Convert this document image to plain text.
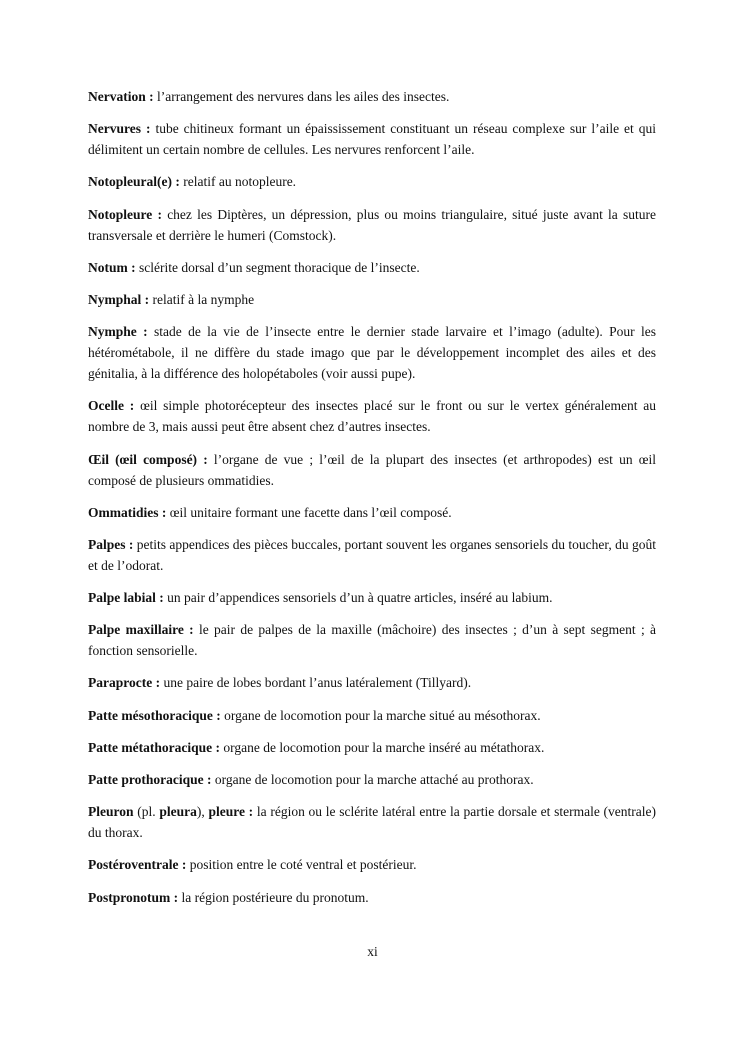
Nervation : l’arrangement des nervures dans les ailes des insectes.

Nervures : tube chitineux formant un épaississement constituant un réseau complexe sur l’aile et qui délimitent un certain nombre de cellules. Les nervures renforcent l’aile.

Notopleural(e) : relatif au notopleure.

Notopleure : chez les Diptères, un dépression, plus ou moins triangulaire, situé juste avant la suture transversale et derrière le humeri (Comstock).

Notum : sclérite dorsal d’un segment thoracique de l’insecte.

Nymphal : relatif à la nymphe

Nymphe : stade de la vie de l’insecte entre le dernier stade larvaire et l’imago (adulte). Pour les hétérométabole, il ne diffère du stade imago que par le développement incomplet des ailes et des génitalia, à la différence des holopétaboles (voir aussi pupe).

Ocelle : œil simple photorécepteur des insectes placé sur le front ou sur le vertex généralement au nombre de 3, mais aussi peut être absent chez d’autres insectes.

Œil (œil composé) : l’organe de vue ; l’œil de la plupart des insectes (et arthropodes) est un œil composé de plusieurs ommatidies.

Ommatidies : œil unitaire formant une facette dans l’œil composé.

Palpes : petits appendices des pièces buccales, portant souvent les organes sensoriels du toucher, du goût et de l’odorat.

Palpe labial : un pair d’appendices sensoriels d’un à quatre articles, inséré au labium.

Palpe maxillaire : le pair de palpes de la maxille (mâchoire) des insectes ; d’un à sept segment ; à fonction sensorielle.

Paraprocte : une paire de lobes bordant l’anus latéralement (Tillyard).

Patte mésothoracique : organe de locomotion pour la marche situé au mésothorax.

Patte métathoracique : organe de locomotion pour la marche inséré au métathorax.

Patte prothoracique : organe de locomotion pour la marche attaché au prothorax.

Pleuron (pl. pleura), pleure : la région ou le sclérite latéral entre la partie dorsale et stermale (ventrale) du thorax.

Postéroventrale : position entre le coté ventral et postérieur.

Postpronotum : la région postérieure du pronotum.

xi
